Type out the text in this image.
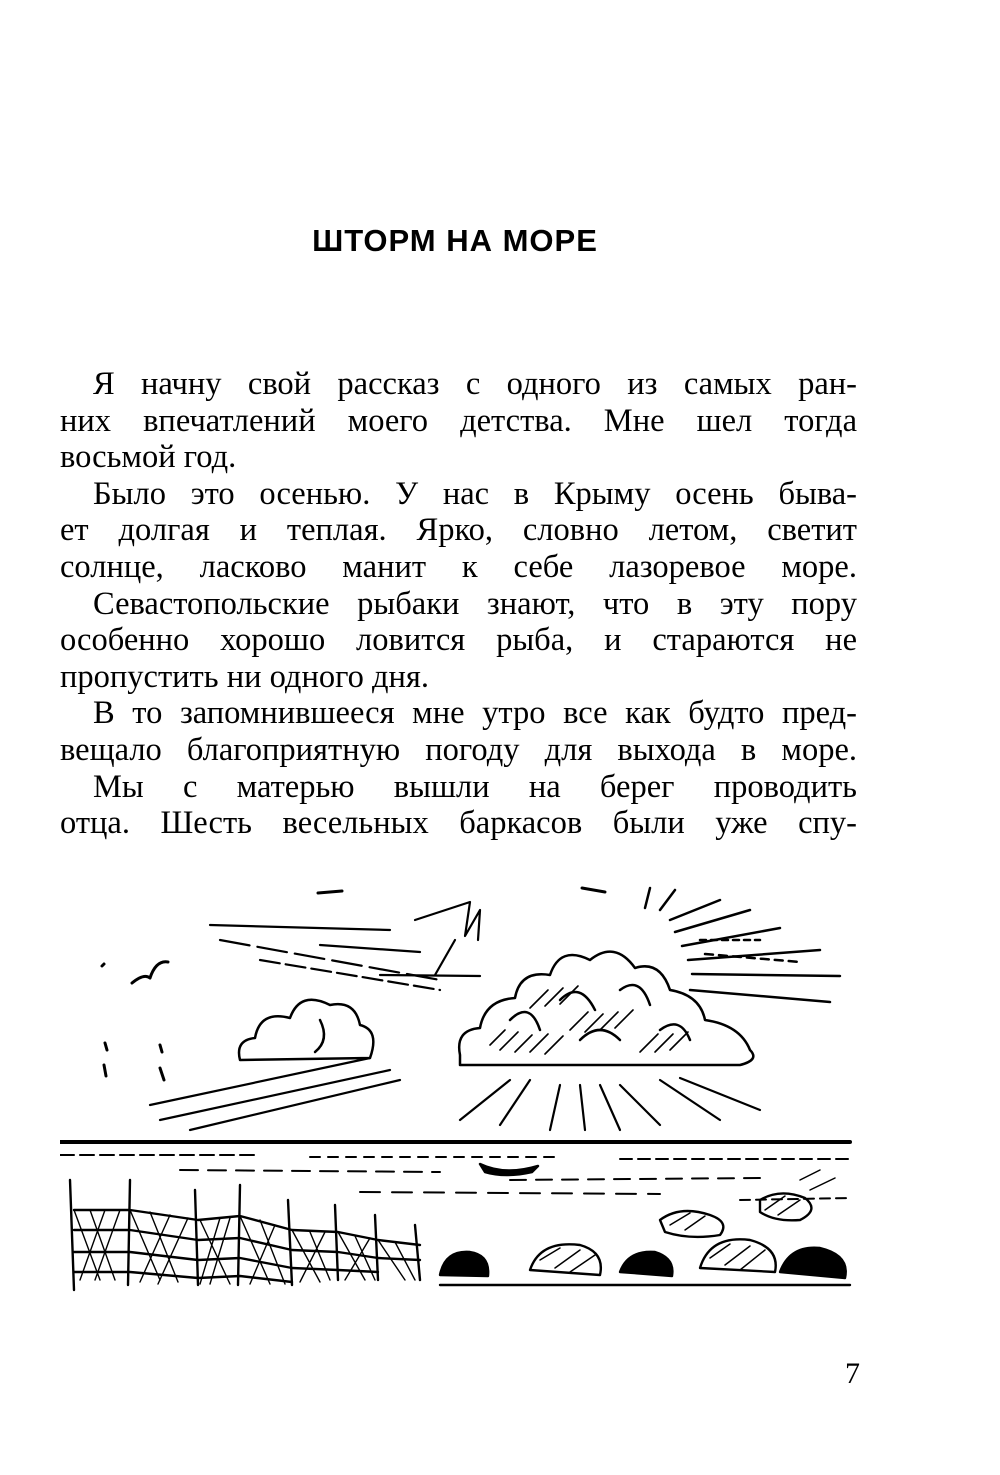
ШТОРМ НА МОРЕ
Я начну свой рассказ с одного из самых ран-
них впечатлений моего детства. Мне шел тогда
восьмой год.
Было это осенью. У нас в Крыму осень быва-
ет долгая и теплая. Ярко, словно летом, светит
солнце, ласково манит к себе лазоревое море.
Севастопольские рыбаки знают, что в эту пору
особенно хорошо ловится рыба, и стараются не
пропустить ни одного дня.
В то запомнившееся мне утро все как будто пред-
вещало благоприятную погоду для выхода в море.
Мы с матерью вышли на берег проводить
отца. Шесть весельных баркасов были уже спу-
7
